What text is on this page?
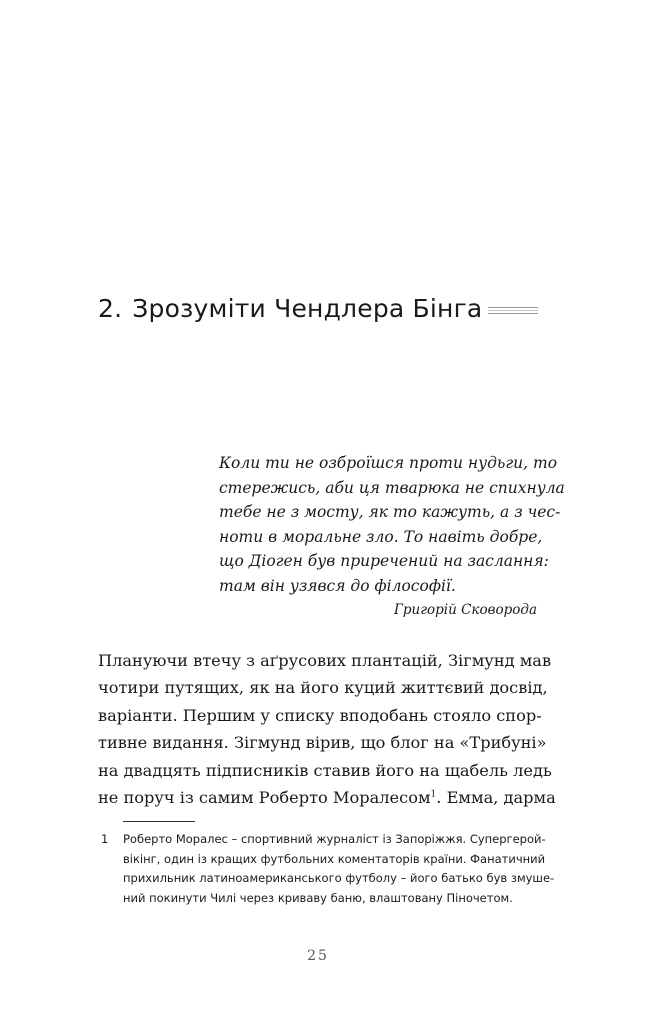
2. Зрозуміти Чендлера Бінга
Коли ти не озброїшся проти нудьги, то
стережись, аби ця тварюка не спихнула
тебе не з мосту, як то кажуть, а з чес-
ноти в моральне зло. То навіть добре,
що Діоген був приречений на заслання:
там він узявся до філософії.
Григорій Сковорода
Плануючи втечу з аґрусових плантацій, Зігмунд мав
чотири путящих, як на його куций життєвий досвід,
варіанти. Першим у списку вподобань стояло спор-
тивне видання. Зігмунд вірив, що блог на «Трибуні»
на двадцять підписників ставив його на щабель ледь
не поруч із самим Роберто Моралесом$^1$. Емма, дарма
1 Роберто Моралес – спортивний журналіст із Запоріжжя. Супергерой-
вікінг, один із кращих футбольних коментаторів країни. Фанатичний
прихильник латиноамериканського футболу – його батько був змуше-
ний покинути Чилі через криваву баню, влаштовану Піночетом.
25
